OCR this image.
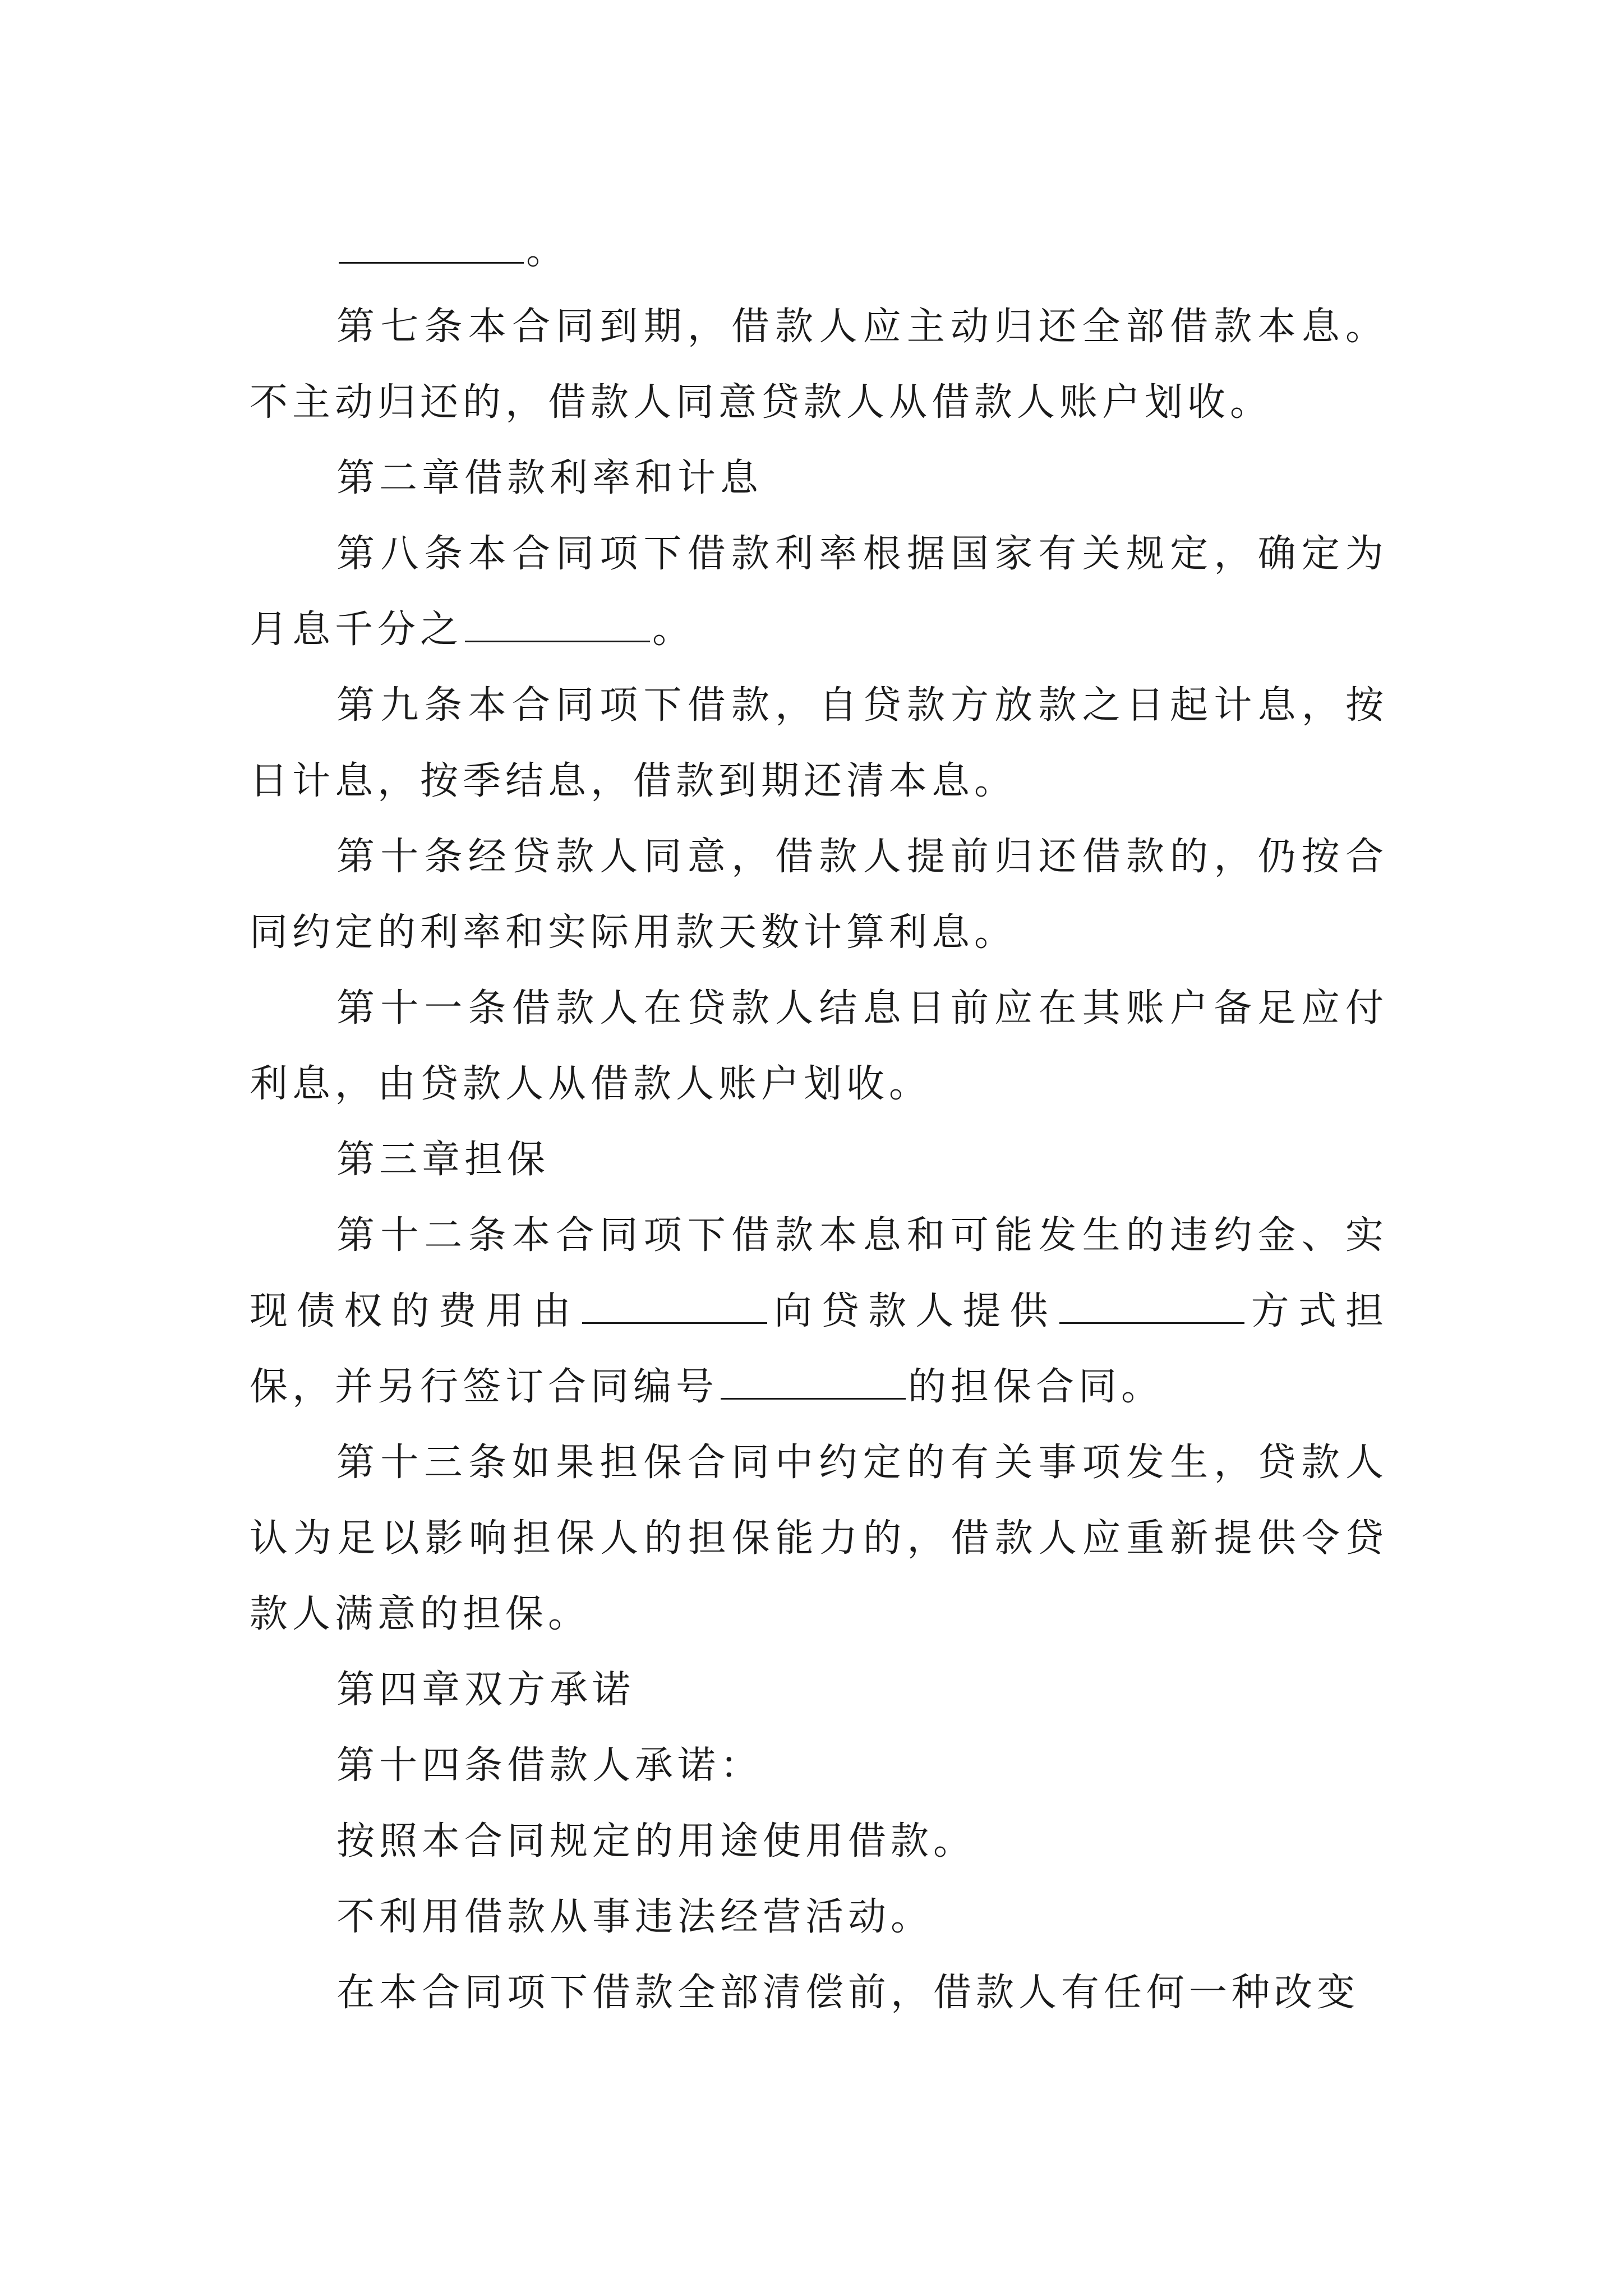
。

第七条本合同到期，借款人应主动归还全部借款本息。不主动归还的，借款人同意贷款人从借款人账户划收。

第二章借款利率和计息

第八条本合同项下借款利率根据国家有关规定，确定为月息千分之	。

第九条本合同项下借款，自贷款方放款之日起计息，按日计息，按季结息，借款到期还清本息。

第十条经贷款人同意，借款人提前归还借款的，仍按合同约定的利率和实际用款天数计算利息。

第十一条借款人在贷款人结息日前应在其账户备足应付利息，由贷款人从借款人账户划收。

第三章担保

第十二条本合同项下借款本息和可能发生的违约金、实现债权的费用由	向贷款人提供	方式担保，并另行签订合同编号	的担保合同。

第十三条如果担保合同中约定的有关事项发生，贷款人认为足以影响担保人的担保能力的，借款人应重新提供令贷款人满意的担保。

第四章双方承诺

第十四条借款人承诺：

按照本合同规定的用途使用借款。

不利用借款从事违法经营活动。

在本合同项下借款全部清偿前，借款人有任何一种改变
